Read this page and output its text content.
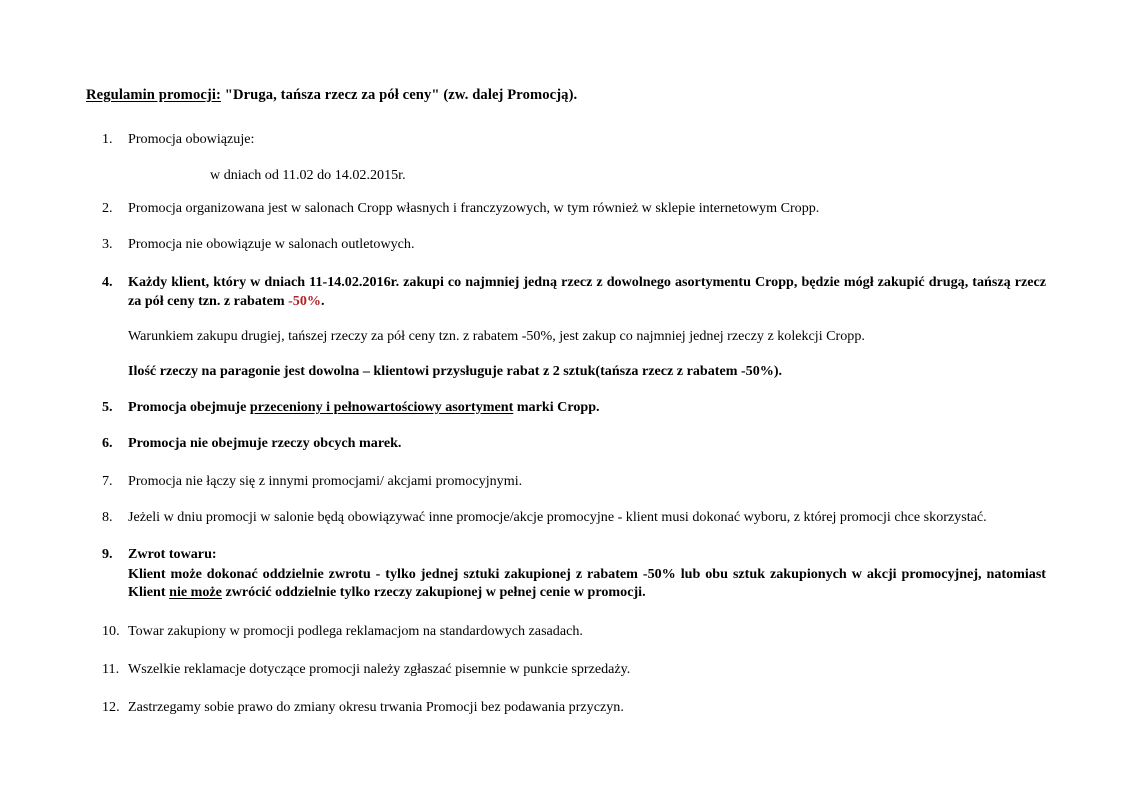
Regulamin promocji: "Druga, tańsza rzecz za pół ceny" (zw. dalej Promocją).
1.	Promocja obowiązuje:
w dniach od 11.02 do 14.02.2015r.
2.	Promocja organizowana jest w salonach Cropp własnych i franczyzowych, w tym również w sklepie internetowym Cropp.
3.	Promocja nie obowiązuje w salonach outletowych.
4.	Każdy klient, który w dniach 11-14.02.2016r. zakupi co najmniej jedną rzecz z dowolnego asortymentu Cropp, będzie mógł zakupić drugą, tańszą rzecz za pół ceny tzn. z rabatem -50%.
Warunkiem zakupu drugiej, tańszej rzeczy za pół ceny tzn. z rabatem -50%, jest zakup co najmniej jednej rzeczy z kolekcji Cropp.
Ilość rzeczy na paragonie jest dowolna – klientowi przysługuje rabat z 2 sztuk(tańsza rzecz z rabatem -50%).
5.	Promocja obejmuje przeceniony i pełnowartościowy asortyment marki Cropp.
6.	Promocja nie obejmuje rzeczy obcych marek.
7.	Promocja nie łączy się z innymi promocjami/ akcjami promocyjnymi.
8.	Jeżeli w dniu promocji w salonie będą obowiązywać inne promocje/akcje promocyjne - klient musi dokonać wyboru, z której promocji chce skorzystać.
9.	Zwrot towaru:
Klient może dokonać oddzielnie zwrotu - tylko jednej sztuki zakupionej z rabatem -50% lub obu sztuk zakupionych w akcji promocyjnej, natomiast Klient nie może zwrócić oddzielnie tylko rzeczy zakupionej w pełnej cenie w promocji.
10. Towar zakupiony w promocji podlega reklamacjom na standardowych zasadach.
11. Wszelkie reklamacje dotyczące promocji należy zgłaszać pisemnie w punkcie sprzedaży.
12. Zastrzegamy sobie prawo do zmiany okresu trwania Promocji bez podawania przyczyn.
